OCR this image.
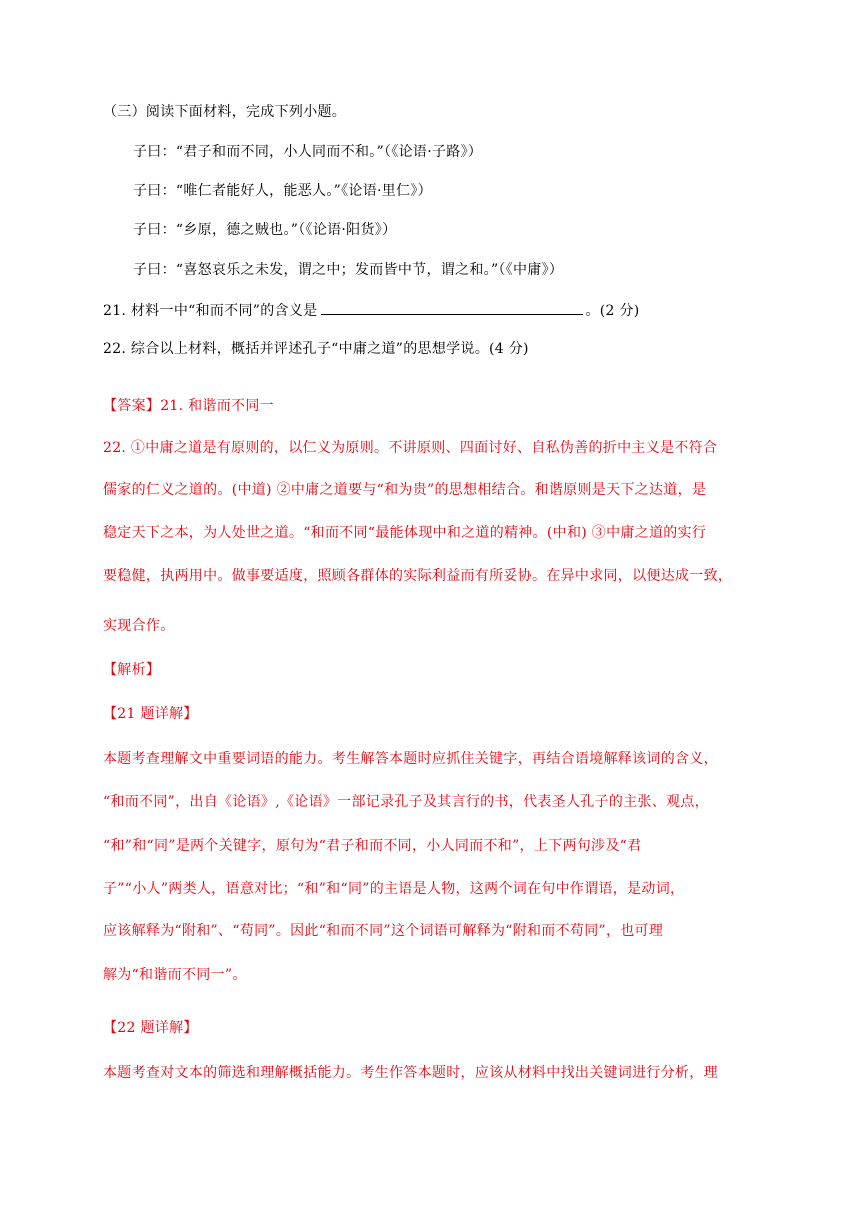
（三）阅读下面材料，完成下列小题。
子曰：“君子和而不同，小人同而不和。”（《论语·子路》）
子曰：“唯仁者能好人，能恶人。”《论语·里仁》）
子曰：“乡原，德之贼也。”（《论语·阳货》）
子曰：“喜怒哀乐之未发，谓之中；发而皆中节，谓之和。”（《中庸》）
21. 材料一中“和而不同”的含义是	。(2 分)
22. 综合以上材料，概括并评述孔子“中庸之道”的思想学说。(4 分)
【答案】21. 和谐而不同一
22. ①中庸之道是有原则的，以仁义为原则。不讲原则、四面讨好、自私伪善的折中主义是不符合
儒家的仁义之道的。(中道) ②中庸之道要与“和为贵”的思想相结合。和谐原则是天下之达道，是
稳定天下之本，为人处世之道。“和而不同“最能体现中和之道的精神。(中和) ③中庸之道的实行
要稳健，执两用中。做事要适度，照顾各群体的实际利益而有所妥协。在异中求同，以便达成一致，
实现合作。
【解析】
【21 题详解】
本题考查理解文中重要词语的能力。考生解答本题时应抓住关键字，再结合语境解释该词的含义，
“和而不同”，出自《论语》,《论语》一部记录孔子及其言行的书，代表圣人孔子的主张、观点，
“和”和“同”是两个关键字，原句为“君子和而不同，小人同而不和”，上下两句涉及“君
子”“小人”两类人，语意对比；“和”和“同”的主语是人物，这两个词在句中作谓语，是动词，
应该解释为“附和”、“苟同”。因此“和而不同”这个词语可解释为“附和而不苟同”，也可理
解为“和谐而不同一”。
【22 题详解】
本题考查对文本的筛选和理解概括能力。考生作答本题时，应该从材料中找出关键词进行分析，理
